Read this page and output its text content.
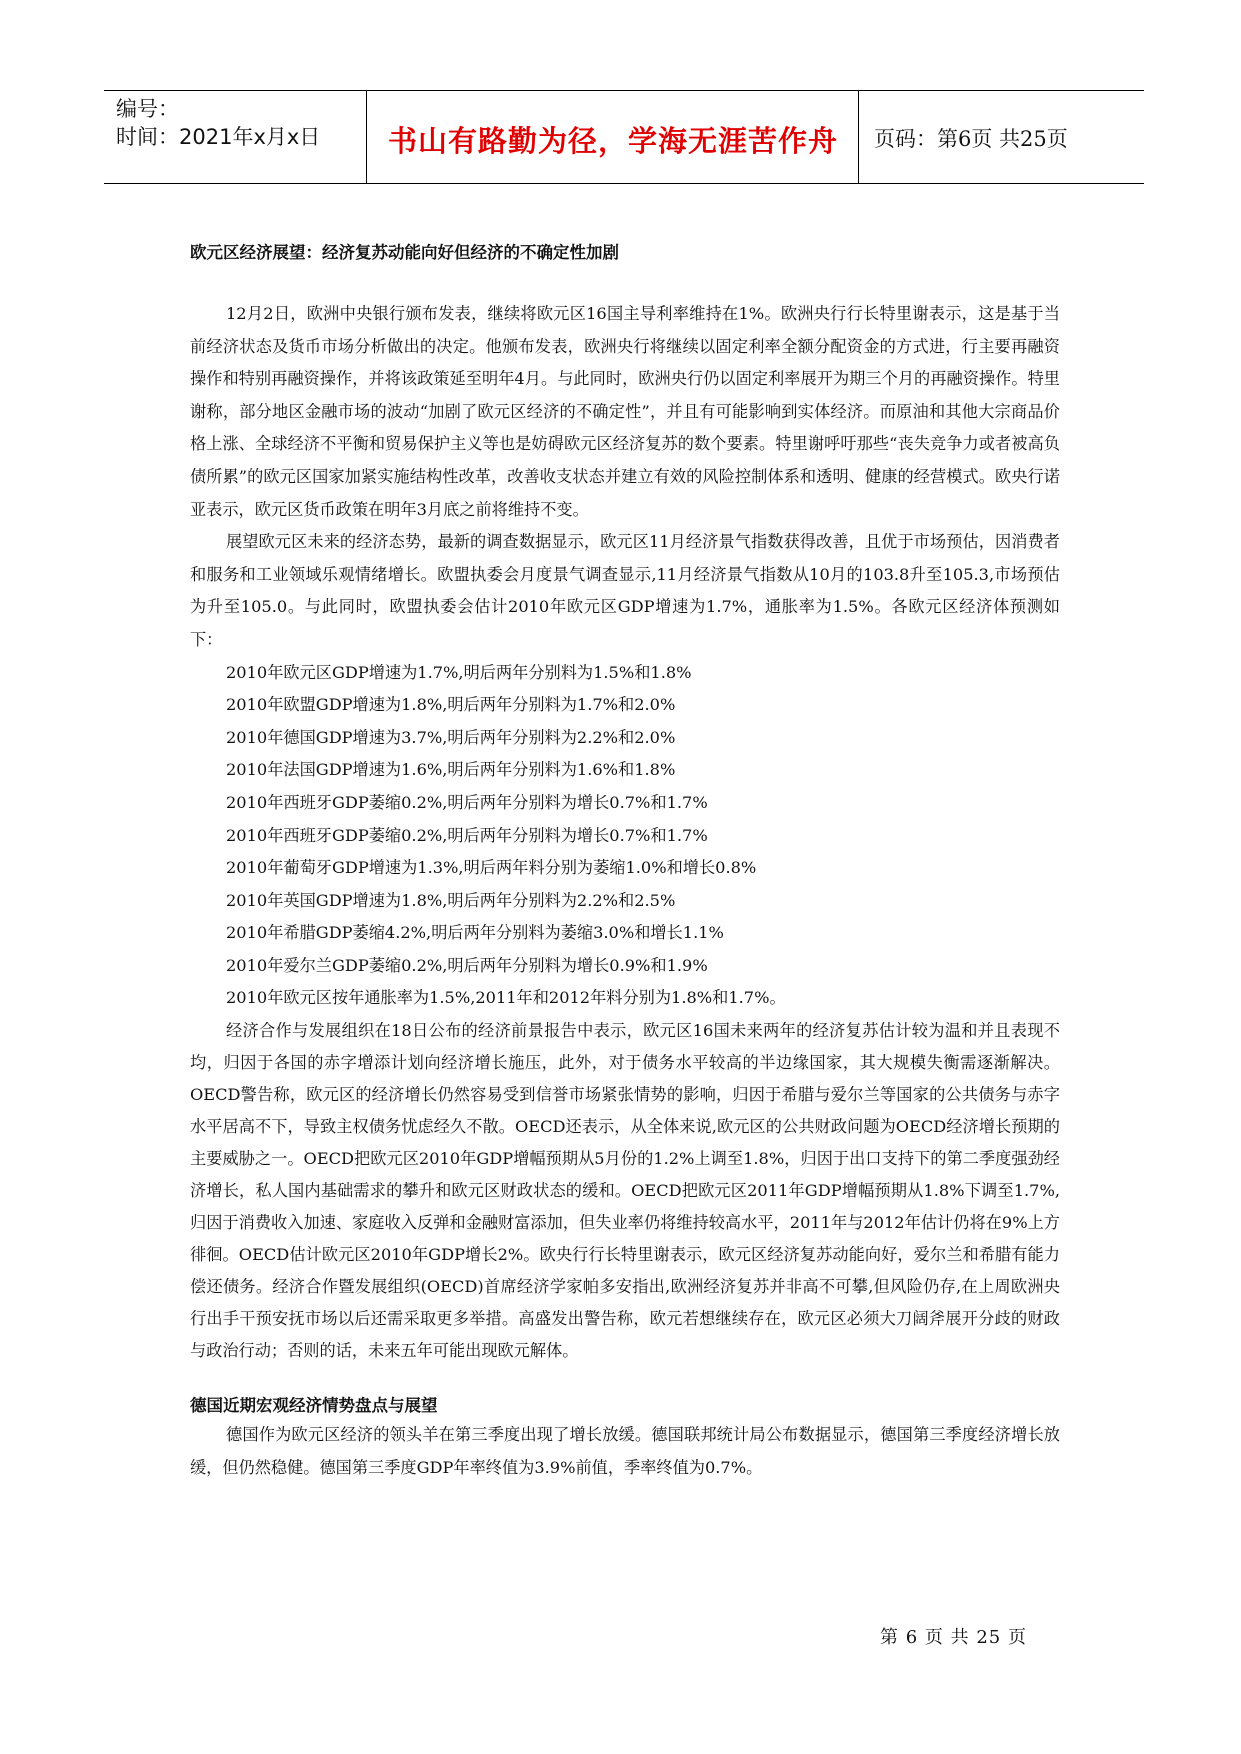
编号：
时间：2021年x月x日	书山有路勤为径，学海无涯苦作舟	页码：第6页 共25页

欧元区经济展望：经济复苏动能向好但经济的不确定性加剧

12月2日，欧洲中央银行颁布发表，继续将欧元区16国主导利率维持在1%。欧洲央行行长特里谢表示，这是基于当前经济状态及货币市场分析做出的决定。他颁布发表，欧洲央行将继续以固定利率全额分配资金的方式进，行主要再融资操作和特别再融资操作，并将该政策延至明年4月。与此同时，欧洲央行仍以固定利率展开为期三个月的再融资操作。特里谢称，部分地区金融市场的波动“加剧了欧元区经济的不确定性”，并且有可能影响到实体经济。而原油和其他大宗商品价格上涨、全球经济不平衡和贸易保护主义等也是妨碍欧元区经济复苏的数个要素。特里谢呼吁那些“丧失竞争力或者被高负债所累”的欧元区国家加紧实施结构性改革，改善收支状态并建立有效的风险控制体系和透明、健康的经营模式。欧央行诺亚表示，欧元区货币政策在明年3月底之前将维持不变。

展望欧元区未来的经济态势，最新的调查数据显示，欧元区11月经济景气指数获得改善，且优于市场预估，因消费者和服务和工业领域乐观情绪增长。欧盟执委会月度景气调查显示,11月经济景气指数从10月的103.8升至105.3,市场预估为升至105.0。与此同时，欧盟执委会估计2010年欧元区GDP增速为1.7%，通胀率为1.5%。各欧元区经济体预测如下：

2010年欧元区GDP增速为1.7%,明后两年分别料为1.5%和1.8%

2010年欧盟GDP增速为1.8%,明后两年分别料为1.7%和2.0%

2010年德国GDP增速为3.7%,明后两年分别料为2.2%和2.0%

2010年法国GDP增速为1.6%,明后两年分别料为1.6%和1.8%

2010年西班牙GDP萎缩0.2%,明后两年分别料为增长0.7%和1.7%

2010年西班牙GDP萎缩0.2%,明后两年分别料为增长0.7%和1.7%

2010年葡萄牙GDP增速为1.3%,明后两年料分别为萎缩1.0%和增长0.8%

2010年英国GDP增速为1.8%,明后两年分别料为2.2%和2.5%

2010年希腊GDP萎缩4.2%,明后两年分别料为萎缩3.0%和增长1.1%

2010年爱尔兰GDP萎缩0.2%,明后两年分别料为增长0.9%和1.9%

2010年欧元区按年通胀率为1.5%,2011年和2012年料分别为1.8%和1.7%。

经济合作与发展组织在18日公布的经济前景报告中表示，欧元区16国未来两年的经济复苏估计较为温和并且表现不均，归因于各国的赤字增添计划向经济增长施压，此外，对于债务水平较高的半边缘国家，其大规模失衡需逐渐解决。OECD警告称，欧元区的经济增长仍然容易受到信誉市场紧张情势的影响，归因于希腊与爱尔兰等国家的公共债务与赤字水平居高不下，导致主权债务忧虑经久不散。OECD还表示，从全体来说,欧元区的公共财政问题为OECD经济增长预期的主要威胁之一。OECD把欧元区2010年GDP增幅预期从5月份的1.2%上调至1.8%，归因于出口支持下的第二季度强劲经济增长，私人国内基础需求的攀升和欧元区财政状态的缓和。OECD把欧元区2011年GDP增幅预期从1.8%下调至1.7%,归因于消费收入加速、家庭收入反弹和金融财富添加，但失业率仍将维持较高水平，2011年与2012年估计仍将在9%上方徘徊。OECD估计欧元区2010年GDP增长2%。欧央行行长特里谢表示，欧元区经济复苏动能向好，爱尔兰和希腊有能力偿还债务。经济合作暨发展组织(OECD)首席经济学家帕多安指出,欧洲经济复苏并非高不可攀,但风险仍存,在上周欧洲央行出手干预安抚市场以后还需采取更多举措。高盛发出警告称，欧元若想继续存在，欧元区必须大刀阔斧展开分歧的财政与政治行动；否则的话，未来五年可能出现欧元解体。

德国近期宏观经济情势盘点与展望

德国作为欧元区经济的领头羊在第三季度出现了增长放缓。德国联邦统计局公布数据显示，德国第三季度经济增长放缓，但仍然稳健。德国第三季度GDP年率终值为3.9%前值，季率终值为0.7%。

第 6 页 共 25 页
